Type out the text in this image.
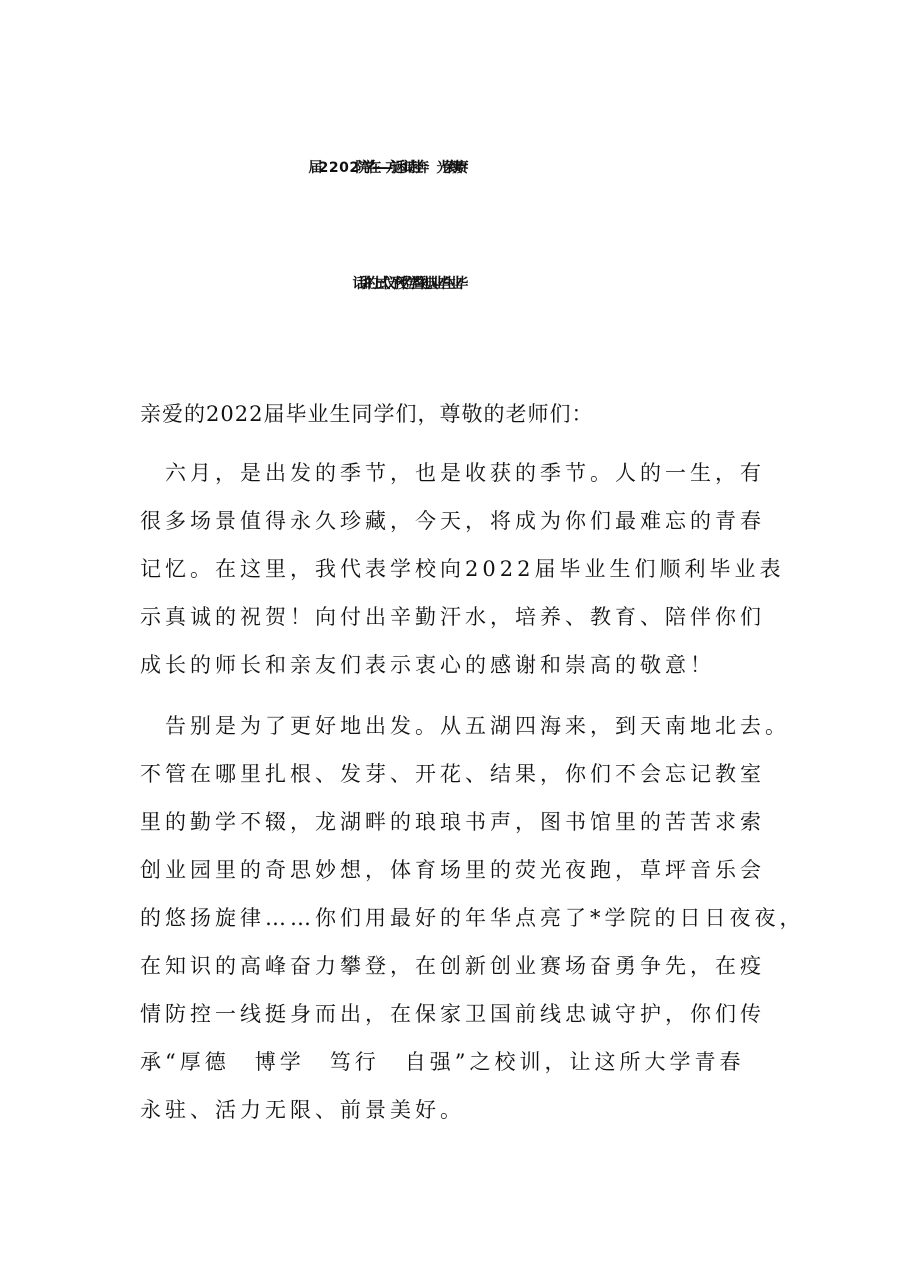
亲爱的2022届毕业生同学们，尊敬的老师们：
　六月，是出发的季节，也是收获的季节。人的一生，有
很多场景值得永久珍藏，今天，将成为你们最难忘的青春
记忆。在这里，我代表学校向2022届毕业生们顺利毕业表
示真诚的祝贺！向付出辛勤汗水，培养、教育、陪伴你们
成长的师长和亲友们表示衷心的感谢和崇高的敬意！
　告别是为了更好地出发。从五湖四海来，到天南地北去。
不管在哪里扎根、发芽、开花、结果，你们不会忘记教室
里的勤学不辍，龙湖畔的琅琅书声，图书馆里的苦苦求索
创业园里的奇思妙想，体育场里的荧光夜跑，草坪音乐会
的悠扬旋律……你们用最好的年华点亮了*学院的日日夜夜，
在知识的高峰奋力攀登，在创新创业赛场奋勇争先，在疫
情防控一线挺身而出，在保家卫国前线忠诚守护，你们传
承“厚德　博学　笃行　自强”之校训，让这所大学青春
永驻、活力无限、前景美好。
